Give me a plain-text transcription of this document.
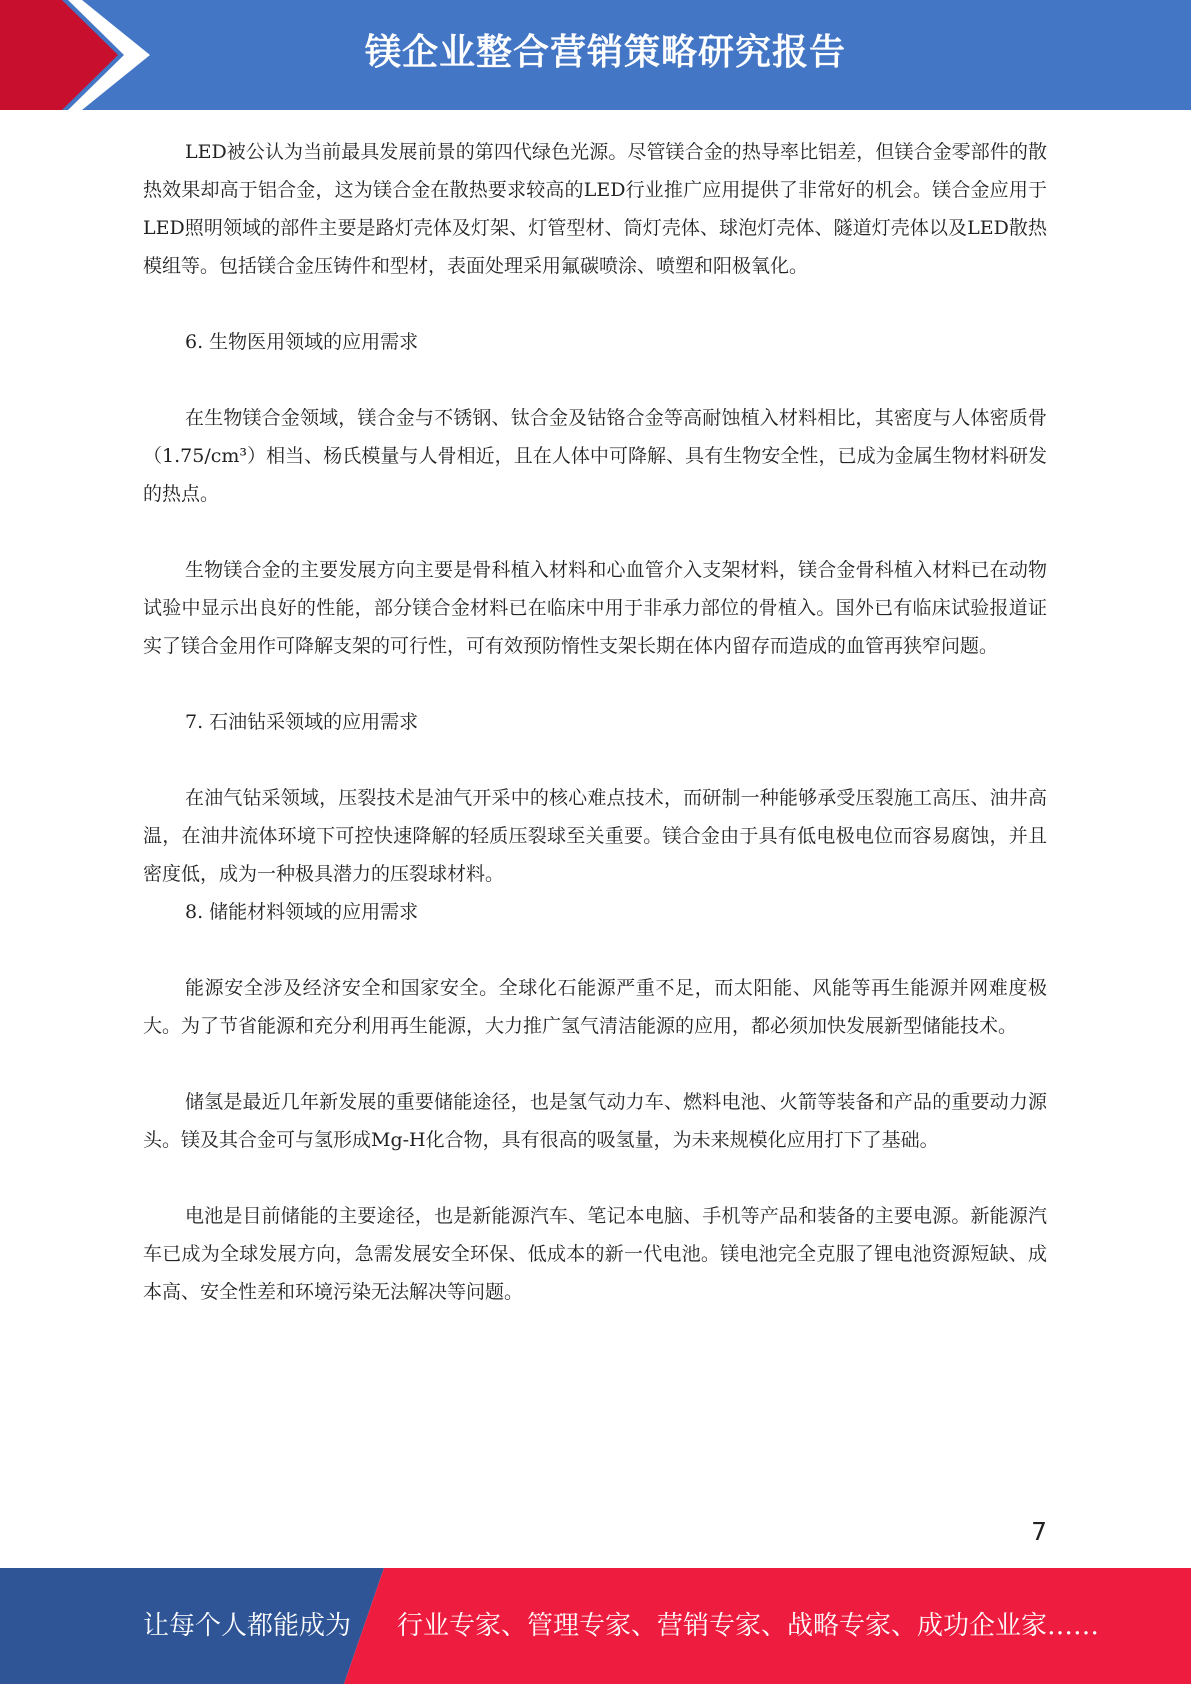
镁企业整合营销策略研究报告

LED被公认为当前最具发展前景的第四代绿色光源。尽管镁合金的热导率比铝差，但镁合金零部件的散热效果却高于铝合金，这为镁合金在散热要求较高的LED行业推广应用提供了非常好的机会。镁合金应用于LED照明领域的部件主要是路灯壳体及灯架、灯管型材、筒灯壳体、球泡灯壳体、隧道灯壳体以及LED散热模组等。包括镁合金压铸件和型材，表面处理采用氟碳喷涂、喷塑和阳极氧化。

6. 生物医用领域的应用需求

在生物镁合金领域，镁合金与不锈钢、钛合金及钴铬合金等高耐蚀植入材料相比，其密度与人体密质骨（1.75/cm³）相当、杨氏模量与人骨相近，且在人体中可降解、具有生物安全性，已成为金属生物材料研发的热点。

生物镁合金的主要发展方向主要是骨科植入材料和心血管介入支架材料，镁合金骨科植入材料已在动物试验中显示出良好的性能，部分镁合金材料已在临床中用于非承力部位的骨植入。国外已有临床试验报道证实了镁合金用作可降解支架的可行性，可有效预防惰性支架长期在体内留存而造成的血管再狭窄问题。

7. 石油钻采领域的应用需求

在油气钻采领域，压裂技术是油气开采中的核心难点技术，而研制一种能够承受压裂施工高压、油井高温，在油井流体环境下可控快速降解的轻质压裂球至关重要。镁合金由于具有低电极电位而容易腐蚀，并且密度低，成为一种极具潜力的压裂球材料。

8. 储能材料领域的应用需求

能源安全涉及经济安全和国家安全。全球化石能源严重不足，而太阳能、风能等再生能源并网难度极大。为了节省能源和充分利用再生能源，大力推广氢气清洁能源的应用，都必须加快发展新型储能技术。

储氢是最近几年新发展的重要储能途径，也是氢气动力车、燃料电池、火箭等装备和产品的重要动力源头。镁及其合金可与氢形成Mg-H化合物，具有很高的吸氢量，为未来规模化应用打下了基础。

电池是目前储能的主要途径，也是新能源汽车、笔记本电脑、手机等产品和装备的主要电源。新能源汽车已成为全球发展方向，急需发展安全环保、低成本的新一代电池。镁电池完全克服了锂电池资源短缺、成本高、安全性差和环境污染无法解决等问题。

7
让每个人都能成为 行业专家、管理专家、营销专家、战略专家、成功企业家……
